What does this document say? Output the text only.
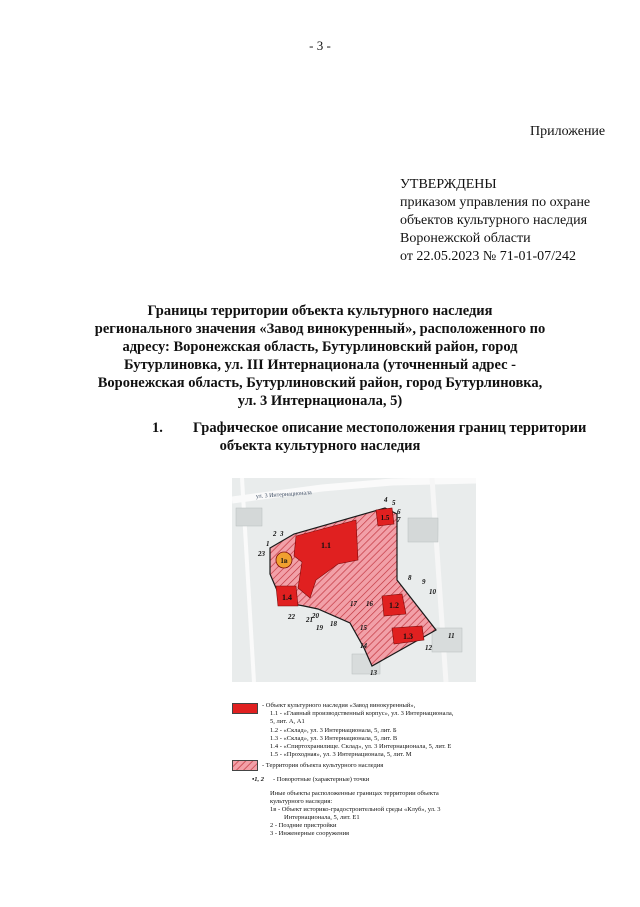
- 3 -
Приложение
УТВЕРЖДЕНЫ
приказом управления по охране
объектов культурного наследия
Воронежской области
от 22.05.2023 № 71-01-07/242
Границы территории объекта культурного наследия
регионального значения «Завод винокуренный», расположенного по
адресу: Воронежская область, Бутурлиновский район, город
Бутурлиновка, ул. III Интернационала (уточненный адрес -
Воронежская область, Бутурлиновский район, город Бутурлиновка,
ул. 3 Интернационала, 5)
1. Графическое описание местоположения границ территории
объекта культурного наследия
ул. 3 Интернационала
1.1
1.2
1.3
1.4
1.5
1в
1
2 3
4 5
6
7
8 9
10
11
12
13
14
15
16
17
18
19
20
21
22
23
- Объект культурного наследия «Завод винокуренный»,
1.1 - «Главный производственный корпус», ул. 3 Интернационала,
5, лит. А, А1
1.2 - «Склад», ул. 3 Интернационала, 5, лит. Б
1.3 - «Склад», ул. 3 Интернационала, 5, лит. В
1.4 - «Спиртохранилище. Склад», ул. 3 Интернационала, 5, лит. Е
1.5 - «Проходная», ул. 3 Интернационала, 5, лит. М
- Территория объекта культурного наследия
•1, 2 - Поворотные (характерные) точки
Иные объекты расположенные границах территории объекта
культурного наследия:
1в - Объект историко-градостроительной среды «Клуб», ул. 3
Интернационала, 5, лит. Е1
2 - Поздние пристройки
3 - Инженерные сооружения
